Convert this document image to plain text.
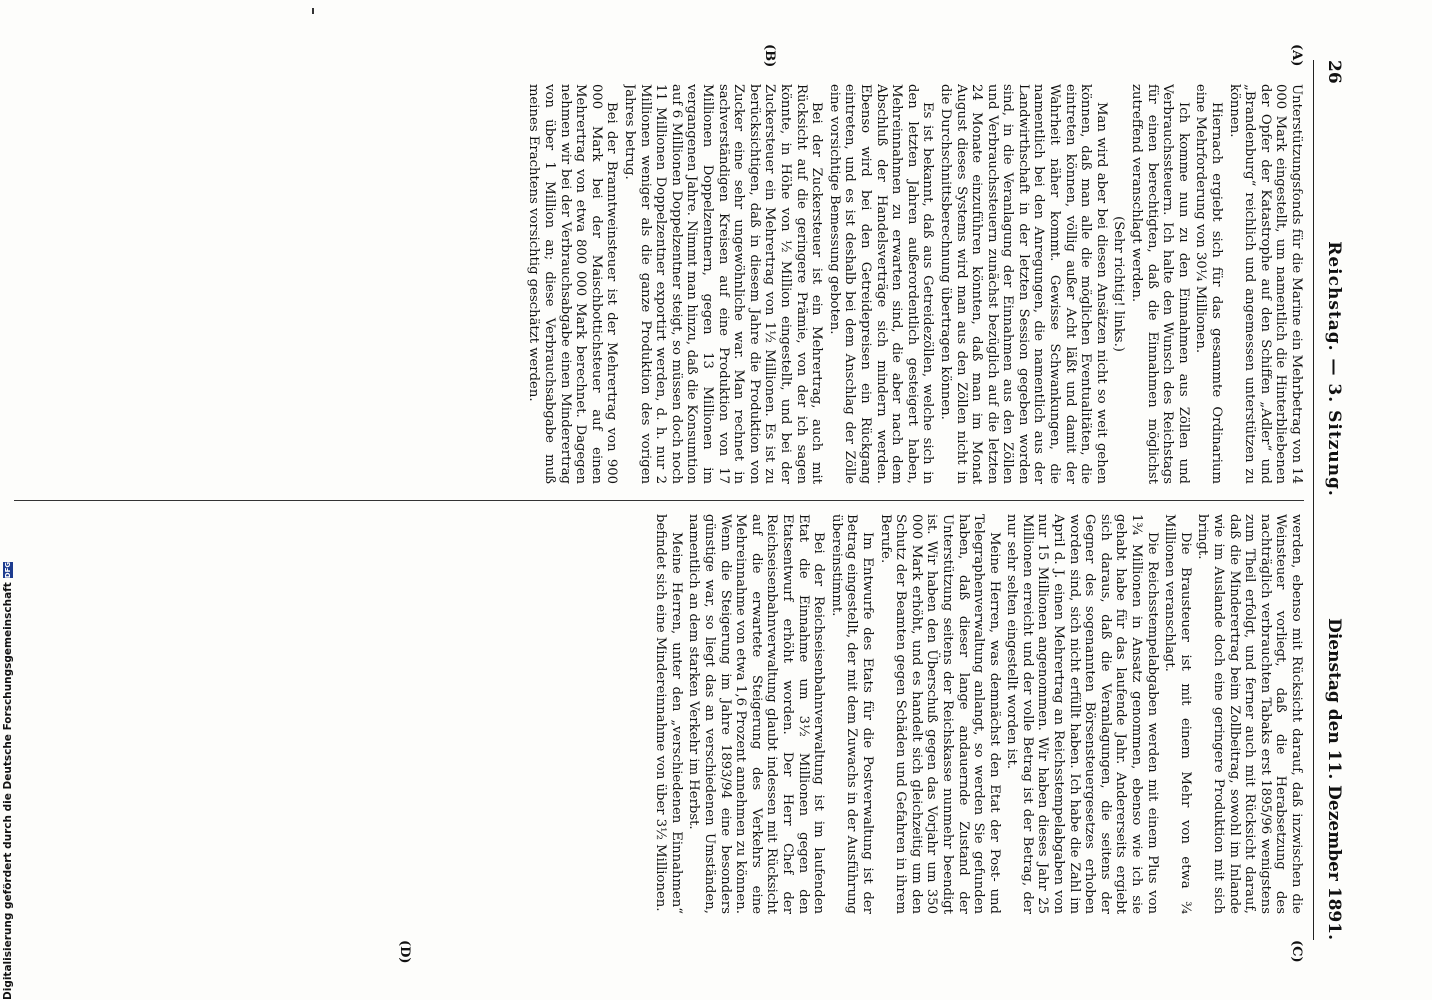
26
Reichstag. — 3. Sitzung.
Dienstag den 11. Dezember 1891.
(A)
(B)
(C)
(D)

Unterstützungsfonds für die Marine ein Mehrbetrag von 14 000 Mark eingestellt, um namentlich die Hinterbliebenen der Opfer der Katastrophe auf den Schiffen „Adler“ und „Brandenburg“ reichlich und angemessen unterstützen zu können.

Hiernach ergiebt sich für das gesammte Ordinarium eine Mehrforderung von 30¼ Millionen.

Ich komme nun zu den Einnahmen aus Zöllen und Verbrauchssteuern. Ich halte den Wunsch des Reichstags für einen berechtigten, daß die Einnahmen möglichst zutreffend veranschlagt werden.

(Sehr richtig! links.)

Man wird aber bei diesen Ansätzen nicht so weit gehen können, daß man alle die möglichen Eventualitäten, die eintreten können, völlig außer Acht läßt und damit der Wahrheit näher kommt. Gewisse Schwankungen, die namentlich bei den Anregungen, die namentlich aus der Landwirthschaft in der letzten Session gegeben worden sind, in die Veranlagung der Einnahmen aus den Zöllen und Verbrauchssteuern zunächst bezüglich auf die letzten 24 Monate einzuführen könnten, daß man im Monat August dieses Systems wird man aus den Zöllen nicht in die Durchschnittsberechnung übertragen können.

Es ist bekannt, daß aus Getreidezöllen, welche sich in den letzten Jahren außerordentlich gesteigert haben, Mehreinnahmen zu erwarten sind, die aber nach dem Abschluß der Handelsverträge sich mindern werden. Ebenso wird bei den Getreidepreisen ein Rückgang eintreten, und es ist deshalb bei dem Anschlag der Zölle eine vorsichtige Bemessung geboten.

Bei der Zuckersteuer ist ein Mehrertrag, auch mit Rücksicht auf die geringere Prämie, von der ich sagen könnte, in Höhe von ½ Million eingestellt, und bei der Zuckersteuer ein Mehrertrag von 1½ Millionen. Es ist zu berücksichtigen, daß in diesem Jahre die Produktion von Zucker eine sehr ungewöhnliche war. Man rechnet in sachverständigen Kreisen auf eine Produktion von 17 Millionen Doppelzentnern, gegen 13 Millionen im vergangenen Jahre. Nimmt man hinzu, daß die Konsumtion auf 6 Millionen Doppelzentner steigt, so müssen doch noch 11 Millionen Doppelzentner exportirt werden, d. h. nur 2 Millionen weniger als die ganze Produktion des vorigen Jahres betrug.

Bei der Branntweinsteuer ist der Mehrertrag von 900 000 Mark bei der Maischbottichsteuer auf einen Mehrertrag von etwa 800 000 Mark berechnet. Dagegen nehmen wir bei der Verbrauchsabgabe einen Minderertrag von über 1 Million an; diese Verbrauchsabgabe muß meines Erachtens vorsichtig geschätzt werden.

werden, ebenso mit Rücksicht darauf, daß inzwischen die Weinsteuer vorliegt, daß die Herabsetzung des nachträglich verbrauchten Tabaks erst 1895/96 wenigstens zum Theil erfolgt, und ferner auch mit Rücksicht darauf, daß die Minderertrag beim Zollbeitrag, sowohl im Inlande wie im Auslande doch eine geringere Produktion mit sich bringt.

Die Brausteuer ist mit einem Mehr von etwa ¾ Millionen veranschlagt.

Die Reichsstempelabgaben werden mit einem Plus von 1¾ Millionen in Ansatz genommen, ebenso wie ich sie gehabt habe für das laufende Jahr. Andererseits ergiebt sich daraus, daß die Veranlagungen, die seitens der Gegner des sogenannten Börsensteuergesetzes erhoben worden sind, sich nicht erfüllt haben. Ich habe die Zahl im April d. J. einen Mehrertrag an Reichsstempelabgaben von nur 15 Millionen angenommen. Wir haben dieses Jahr 25 Millionen erreicht und der volle Betrag ist der Betrag, der nur sehr selten eingestellt worden ist.

Meine Herren, was demnächst den Etat der Post- und Telegraphenverwaltung anlangt, so werden Sie gefunden haben, daß dieser lange andauernde Zustand der Unterstützung seitens der Reichskasse nunmehr beendigt ist. Wir haben den Überschuß gegen das Vorjahr um 350 000 Mark erhöht, und es handelt sich gleichzeitig um den Schutz der Beamten gegen Schäden und Gefahren in ihrem Berufe.

Im Entwurfe des Etats für die Postverwaltung ist der Betrag eingestellt, der mit dem Zuwachs in der Ausführung übereinstimmt.

Bei der Reichseisenbahnverwaltung ist im laufenden Etat die Einnahme um 3½ Millionen gegen den Etatsentwurf erhöht worden. Der Herr Chef der Reichseisenbahnverwaltung glaubt indessen mit Rücksicht auf die erwartete Steigerung des Verkehrs eine Mehreinnahme von etwa 1,6 Prozent annehmen zu können. Wenn die Steigerung im Jahre 1893/94 eine besonders günstige war, so liegt das an verschiedenen Umständen, namentlich an dem starken Verkehr im Herbst.

Meine Herren, unter den „verschiedenen Einnahmen“ befindet sich eine Mindereinnahme von über 3½ Millionen.

Digitalisierung gefördert durch die Deutsche Forschungsgemeinschaft
DFG
